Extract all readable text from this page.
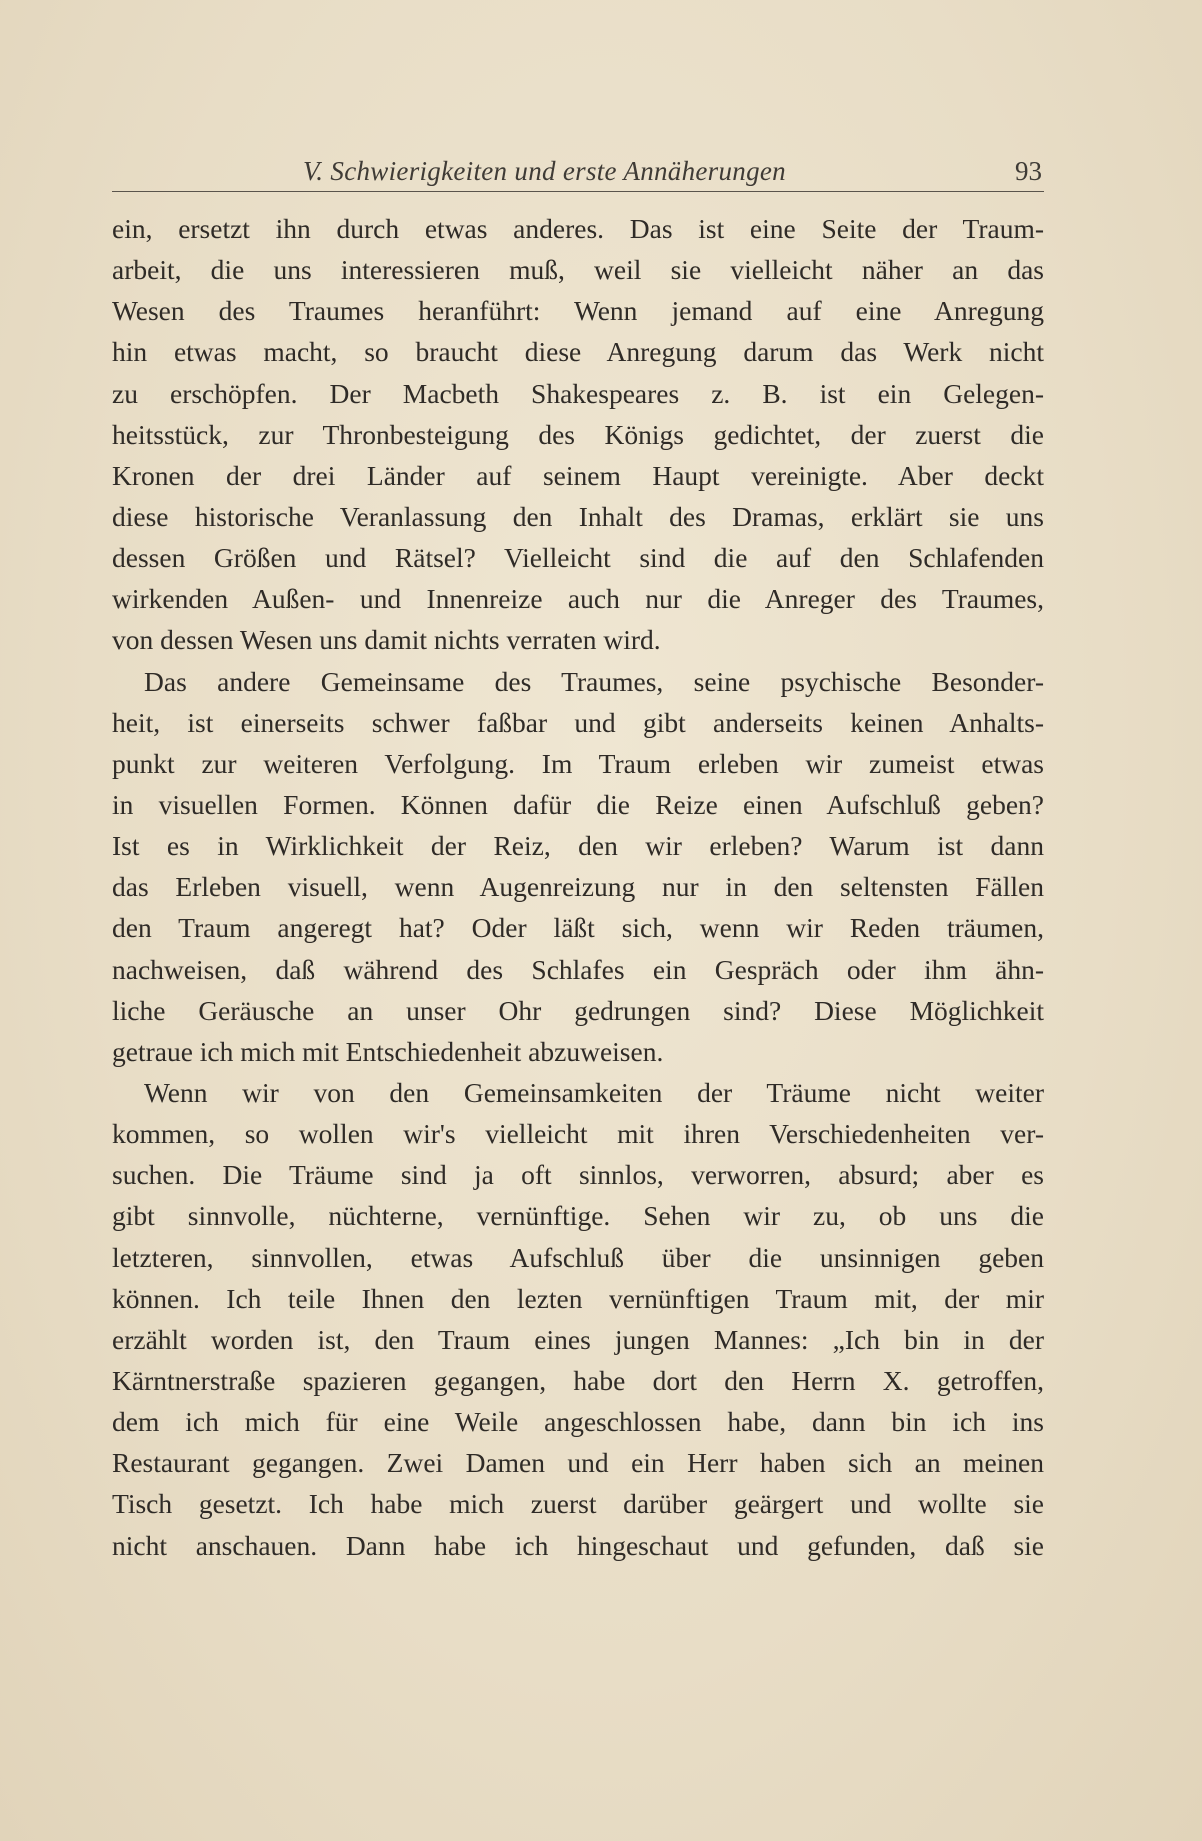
V. Schwierigkeiten und erste Annäherungen	93
ein, ersetzt ihn durch etwas anderes. Das ist eine Seite der Traum-
arbeit, die uns interessieren muß, weil sie vielleicht näher an das
Wesen des Traumes heranführt: Wenn jemand auf eine Anregung
hin etwas macht, so braucht diese Anregung darum das Werk nicht
zu erschöpfen. Der Macbeth Shakespeares z. B. ist ein Gelegen-
heitsstück, zur Thronbesteigung des Königs gedichtet, der zuerst die
Kronen der drei Länder auf seinem Haupt vereinigte. Aber deckt
diese historische Veranlassung den Inhalt des Dramas, erklärt sie uns
dessen Größen und Rätsel? Vielleicht sind die auf den Schlafenden
wirkenden Außen- und Innenreize auch nur die Anreger des Traumes,
von dessen Wesen uns damit nichts verraten wird.
Das andere Gemeinsame des Traumes, seine psychische Besonder-
heit, ist einerseits schwer faßbar und gibt anderseits keinen Anhalts-
punkt zur weiteren Verfolgung. Im Traum erleben wir zumeist etwas
in visuellen Formen. Können dafür die Reize einen Aufschluß geben?
Ist es in Wirklichkeit der Reiz, den wir erleben? Warum ist dann
das Erleben visuell, wenn Augenreizung nur in den seltensten Fällen
den Traum angeregt hat? Oder läßt sich, wenn wir Reden träumen,
nachweisen, daß während des Schlafes ein Gespräch oder ihm ähn-
liche Geräusche an unser Ohr gedrungen sind? Diese Möglichkeit
getraue ich mich mit Entschiedenheit abzuweisen.
Wenn wir von den Gemeinsamkeiten der Träume nicht weiter
kommen, so wollen wir's vielleicht mit ihren Verschiedenheiten ver-
suchen. Die Träume sind ja oft sinnlos, verworren, absurd; aber es
gibt sinnvolle, nüchterne, vernünftige. Sehen wir zu, ob uns die
letzteren, sinnvollen, etwas Aufschluß über die unsinnigen geben
können. Ich teile Ihnen den lezten vernünftigen Traum mit, der mir
erzählt worden ist, den Traum eines jungen Mannes: „Ich bin in der
Kärntnerstraße spazieren gegangen, habe dort den Herrn X. getroffen,
dem ich mich für eine Weile angeschlossen habe, dann bin ich ins
Restaurant gegangen. Zwei Damen und ein Herr haben sich an meinen
Tisch gesetzt. Ich habe mich zuerst darüber geärgert und wollte sie
nicht anschauen. Dann habe ich hingeschaut und gefunden, daß sie
